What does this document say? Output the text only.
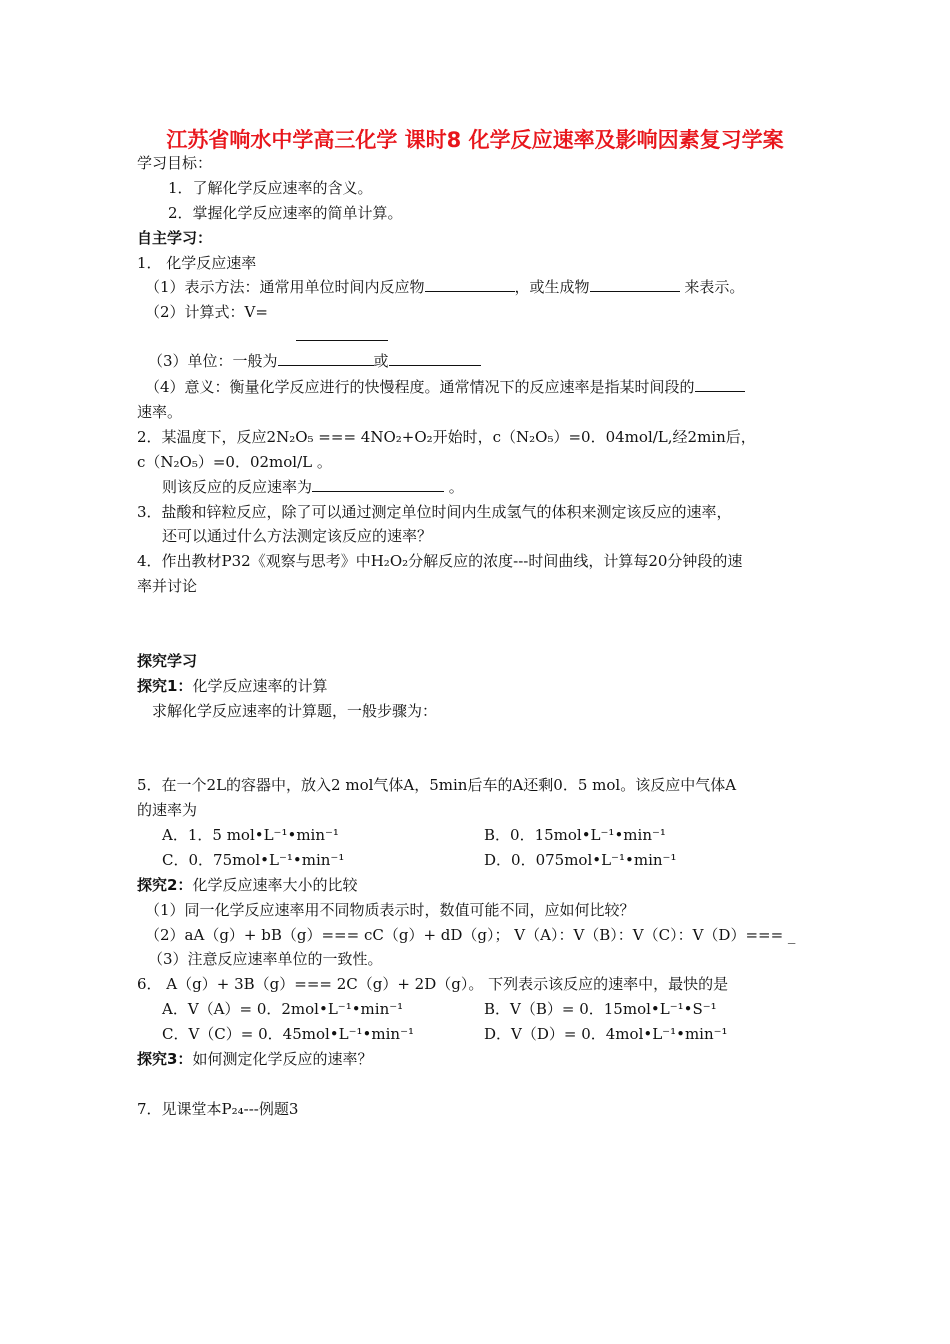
江苏省响水中学高三化学 课时8 化学反应速率及影响因素复习学案
学习目标：
1．了解化学反应速率的含义。
2．掌握化学反应速率的简单计算。
自主学习：
1． 化学反应速率
（1）表示方法：通常用单位时间内反应物	，或生成物	来表示。
（2）计算式：V=
（3）单位：一般为	或
（4）意义：衡量化学反应进行的快慢程度。通常情况下的反应速率是指某时间段的
速率。
2．某温度下，反应2N₂O₅ === 4NO₂+O₂开始时，c（N₂O₅）=0．04mol/L,经2min后，
c（N₂O₅）=0．02mol/L 。
则该反应的反应速率为	。
3．盐酸和锌粒反应，除了可以通过测定单位时间内生成氢气的体积来测定该反应的速率，
还可以通过什么方法测定该反应的速率？
4．作出教材P32《观察与思考》中H₂O₂分解反应的浓度---时间曲线，计算每20分钟段的速
率并讨论
探究学习
探究1：化学反应速率的计算
求解化学反应速率的计算题，一般步骤为：
5．在一个2L的容器中，放入2 mol气体A，5min后车的A还剩0．5 mol。该反应中气体A
的速率为
A．1．5 mol•L⁻¹•min⁻¹	B．0．15mol•L⁻¹•min⁻¹
C．0．75mol•L⁻¹•min⁻¹	D．0．075mol•L⁻¹•min⁻¹
探究2：化学反应速率大小的比较
（1）同一化学反应速率用不同物质表示时，数值可能不同，应如何比较？
（2）aA（g）+ bB（g）=== cC（g）+ dD（g）； V（A）：V（B）：V（C）：V（D）=== _
（3）注意反应速率单位的一致性。
6． A（g）+ 3B（g）=== 2C（g）+ 2D（g）。 下列表示该反应的速率中，最快的是
A．V（A）= 0．2mol•L⁻¹•min⁻¹	B．V（B）= 0．15mol•L⁻¹•S⁻¹
C．V（C）= 0．45mol•L⁻¹•min⁻¹	D．V（D）= 0．4mol•L⁻¹•min⁻¹
探究3：如何测定化学反应的速率？
7．见课堂本P₂₄---例题3
